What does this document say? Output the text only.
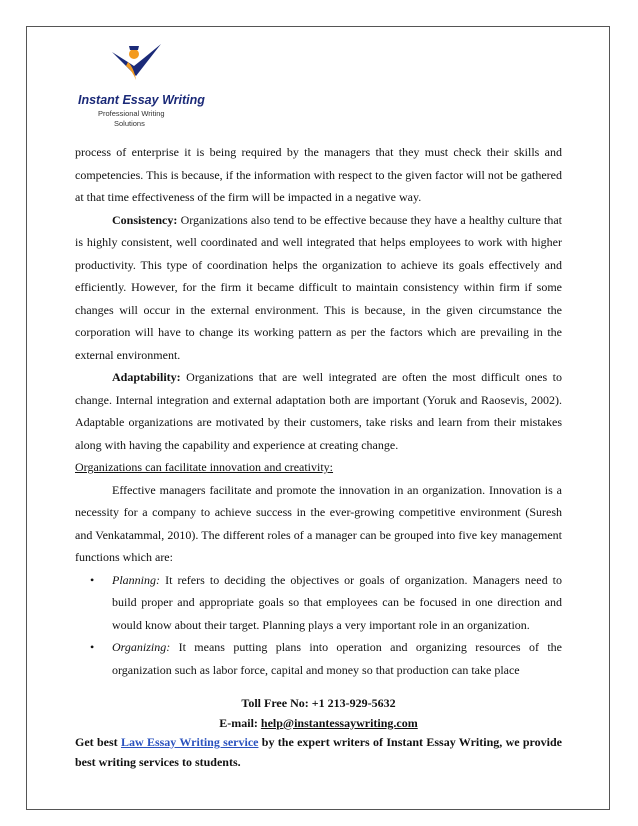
Instant Essay Writing
Professional Writing
Solutions

process of enterprise it is being required by the managers that they must check their skills and competencies. This is because, if the information with respect to the given factor will not be gathered at that time effectiveness of the firm will be impacted in a negative way.

Consistency: Organizations also tend to be effective because they have a healthy culture that is highly consistent, well coordinated and well integrated that helps employees to work with higher productivity. This type of coordination helps the organization to achieve its goals effectively and efficiently. However, for the firm it became difficult to maintain consistency within firm if some changes will occur in the external environment. This is because, in the given circumstance the corporation will have to change its working pattern as per the factors which are prevailing in the external environment.

Adaptability: Organizations that are well integrated are often the most difficult ones to change. Internal integration and external adaptation both are important (Yoruk and Raosevis, 2002). Adaptable organizations are motivated by their customers, take risks and learn from their mistakes along with having the capability and experience at creating change.

Organizations can facilitate innovation and creativity:

Effective managers facilitate and promote the innovation in an organization. Innovation is a necessity for a company to achieve success in the ever-growing competitive environment (Suresh and Venkatammal, 2010). The different roles of a manager can be grouped into five key management functions which are:

• Planning: It refers to deciding the objectives or goals of organization. Managers need to build proper and appropriate goals so that employees can be focused in one direction and would know about their target. Planning plays a very important role in an organization.
• Organizing: It means putting plans into operation and organizing resources of the organization such as labor force, capital and money so that production can take place
Toll Free No: +1 213-929-5632
E-mail: help@instantessaywriting.com
Get best Law Essay Writing service by the expert writers of Instant Essay Writing, we provide best writing services to students.
